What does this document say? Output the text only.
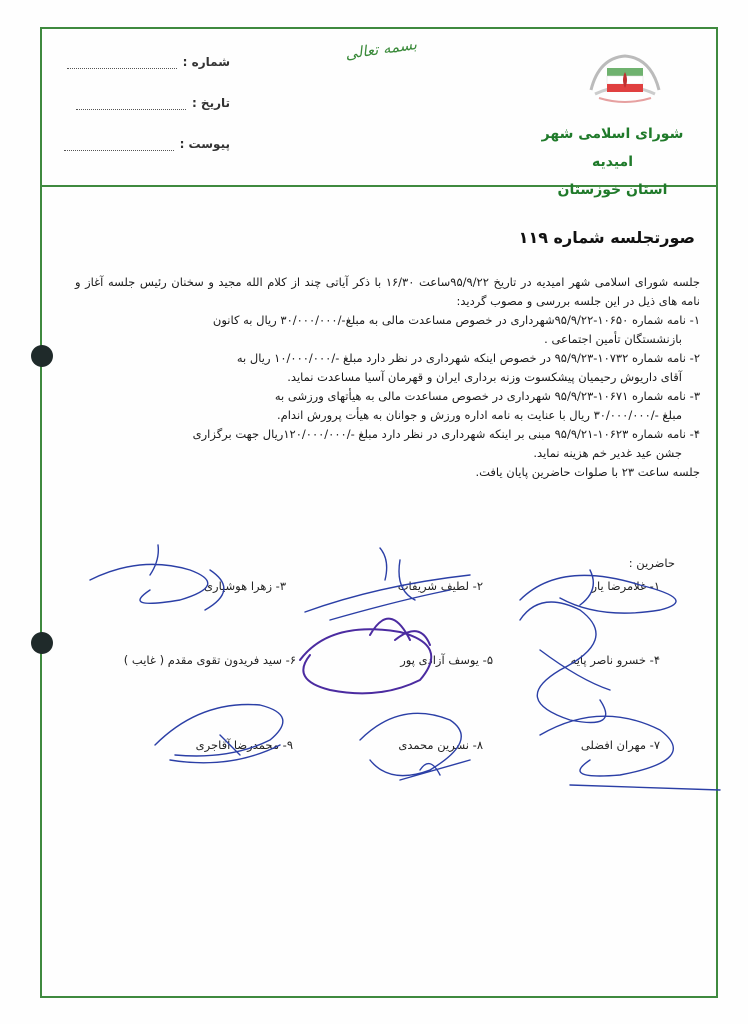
شماره :
تاریخ :
پیوست :
بسمه تعالی
شورای اسلامی شهر امیدیه
استان خوزستان
صورتجلسه شماره ۱۱۹

جلسه شورای اسلامی شهر امیدیه در تاریخ ۹۵/۹/۲۲ساعت ۱۶/۳۰ با ذکر آیاتی چند از کلام الله مجید و سخنان رئیس جلسه آغاز و نامه های ذیل در این جلسه بررسی و مصوب گردید:

۱- نامه شماره ۱۰۶۵۰-۹۵/۹/۲۲شهرداری در خصوص مساعدت مالی به مبلغ-/۳۰/۰۰۰/۰۰۰ ریال به کانون

بازنشستگان تأمین اجتماعی .

۲- نامه شماره ۱۰۷۳۲-۹۵/۹/۲۳ در خصوص اینکه شهرداری در نظر دارد مبلغ -/۱۰/۰۰۰/۰۰۰ ریال به

آقای داریوش رحیمیان پیشکسوت وزنه برداری ایران و قهرمان آسیا مساعدت نماید.

۳- نامه شماره ۱۰۶۷۱-۹۵/۹/۲۳ شهرداری در خصوص مساعدت مالی به هیأتهای ورزشی به

مبلغ -/۳۰/۰۰۰/۰۰۰ ریال با عنایت به نامه اداره ورزش و جوانان به هیأت پرورش اندام.

۴- نامه شماره ۱۰۶۲۳-۹۵/۹/۲۱ مبنی بر اینکه شهرداری در نظر دارد مبلغ -/۱۲۰/۰۰۰/۰۰۰ریال جهت برگزاری

جشن عید غدیر خم هزینه نماید.

جلسه ساعت ۲۳ با صلوات حاضرین پایان یافت.

حاضرین :
۱- غلامرضا یار
۲- لطیف شریفات
۳- زهرا هوشیاری
۴- خسرو ناصر پایه
۵- یوسف آزادی پور
۶- سید فریدون تقوی مقدم ( غایب )
۷- مهران افضلی
۸- نسرین محمدی
۹- محمدرضا آقاجری
